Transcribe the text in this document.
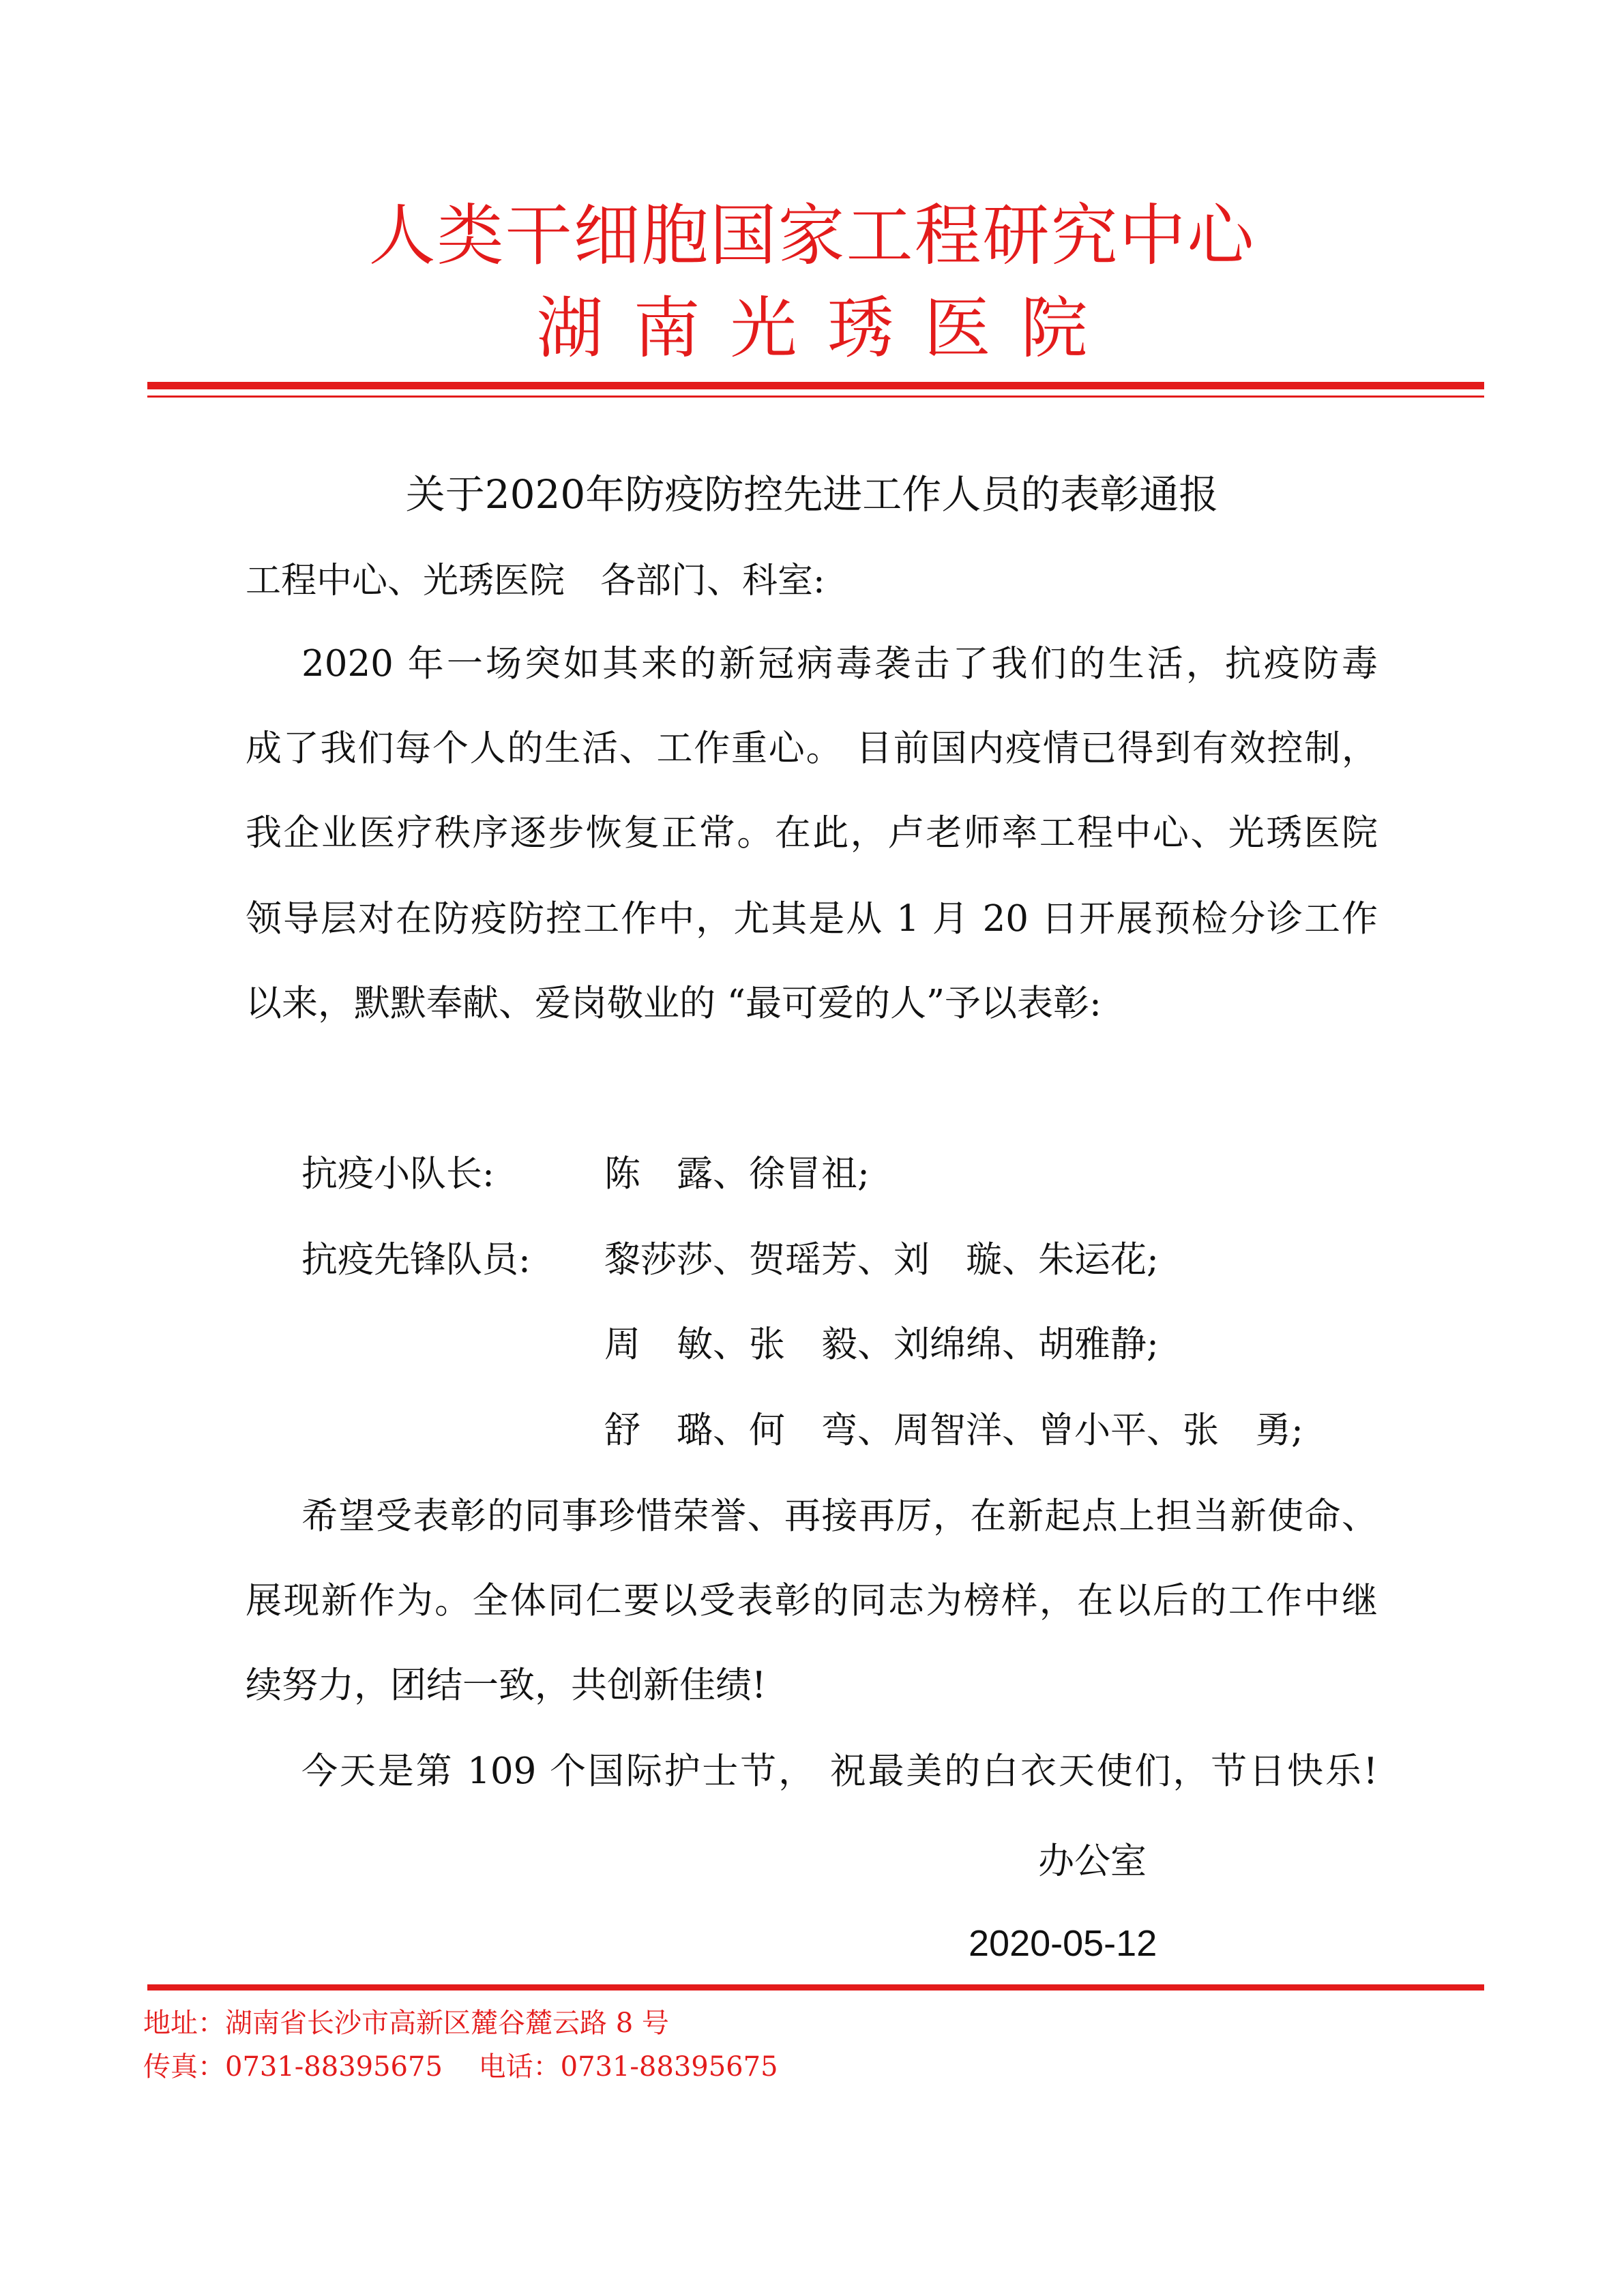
人类干细胞国家工程研究中心
湖南光琇医院
关于2020年防疫防控先进工作人员的表彰通报
工程中心、光琇医院　各部门、科室:
2020 年一场突如其来的新冠病毒袭击了我们的生活，抗疫防毒
成了我们每个人的生活、工作重心。 目前国内疫情已得到有效控制，
我企业医疗秩序逐步恢复正常。在此，卢老师率工程中心、光琇医院
领导层对在防疫防控工作中，尤其是从 1 月 20 日开展预检分诊工作
以来，默默奉献、爱岗敬业的 “最可爱的人”予以表彰:
抗疫小队长:	陈　露、徐冒祖;
抗疫先锋队员: 黎莎莎、贺瑶芳、刘　璇、朱运花;
周　敏、张　毅、刘绵绵、胡雅静;
舒　璐、何　弯、周智洋、曾小平、张　勇;
希望受表彰的同事珍惜荣誉、再接再厉，在新起点上担当新使命、
展现新作为。全体同仁要以受表彰的同志为榜样，在以后的工作中继
续努力，团结一致，共创新佳绩!
今天是第 109 个国际护士节， 祝最美的白衣天使们，节日快乐!
办公室
2020-05-12
地址：湖南省长沙市高新区麓谷麓云路 8 号
传真：0731-88395675　 电话：0731-88395675
